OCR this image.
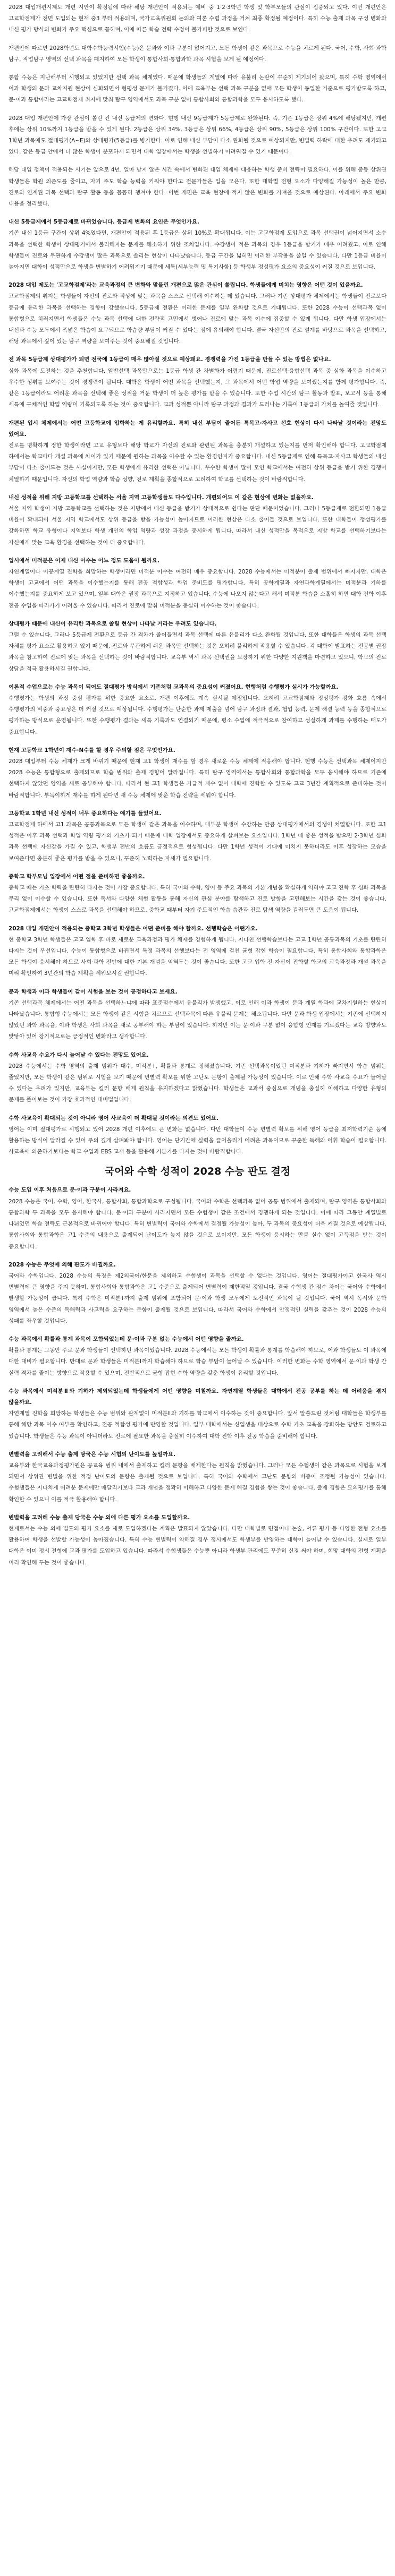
2028 대입개편시제도 개편 시안이 확정됨에 따라 해당 개편안이 적용되는 예비 중 1·2·3학년 학생 및 학부모들의 관심이 집중되고 있다. 이번 개편안은 고교학점제가 전면 도입되는 현재 중3 부터 적용되며, 국가교육위원회 논의와 여론 수렴 과정을 거쳐 최종 확정될 예정이다. 특히 수능 출제 과목 구성 변화와 내신 평가 방식의 변화가 주요 핵심으로 꼽히며, 이에 따른 학습 전략 수정이 불가피할 것으로 보인다.

개편안에 따르면 2028학년도 대학수학능력시험(수능)은 문과와 이과 구분이 없어지고, 모든 학생이 같은 과목으로 수능을 치르게 된다. 국어, 수학, 사회·과학 탐구, 직업탐구 영역의 선택 과목을 폐지하여 모든 학생이 통합사회·통합과학 과목 시험을 보게 될 예정이다.

통합 수능은 지난해부터 시행되고 있었지만 선택 과목 체계였다. 때문에 학생들의 계열에 따라 유불리 논란이 꾸준히 제기되어 왔으며, 특히 수학 영역에서 이과 학생의 문과 교차지원 현상이 심화되면서 형평성 문제가 불거졌다. 이에 교육부는 선택 과목 구분을 없애 모든 학생이 동일한 기준으로 평가받도록 하고, 문·이과 통합이라는 고교학점제 취지에 맞춰 탐구 영역에서도 과목 구분 없이 통합사회와 통합과학을 모두 응시하도록 했다.

2028 대입 개편안에 가장 관심이 쏠린 건 내신 등급제의 변화다. 현행 내신 9등급제가 5등급제로 완화된다. 즉, 기존 1등급은 상위 4%에 해당됐지만, 개편 후에는 상위 10%까지 1등급을 받을 수 있게 된다. 2등급은 상위 34%, 3등급은 상위 66%, 4등급은 상위 90%, 5등급은 상위 100% 구간이다. 또한 고교 1학년 과목에도 절대평가(A~E)와 상대평가(5등급)를 병기한다. 이로 인해 내신 부담이 다소 완화될 것으로 예상되지만, 변별력 하락에 대한 우려도 제기되고 있다. 같은 등급 안에서 더 많은 학생이 분포하게 되면서 대학 입장에서는 학생을 선별하기 어려워질 수 있기 때문이다.

해당 대입 정책이 적용되는 시기는 앞으로 4년. 얼마 남지 않은 시간 속에서 변화된 대입 체제에 대응하는 학생 준비 전략이 필요하다. 이를 위해 중등 상위권 학생들은 학원 의존도를 줄이고, 자기 주도 학습 능력을 키워야 한다고 전문가들은 입을 모은다. 또한 대학별 전형 요소가 다양해질 가능성이 높은 만큼, 진로와 연계된 과목 선택과 탐구 활동 등을 꼼꼼히 챙겨야 한다. 이번 개편은 교육 현장에 적지 않은 변화를 가져올 것으로 예상된다. 아래에서 주요 변화 내용을 정리했다.

내신 5등급제에서 5등급제로 바뀌었습니다. 등급제 변화의 요인은 무엇인가요.
기존 내신 1등급 구간이 상위 4%였다면, 개편안이 적용된 후 1등급은 상위 10%로 확대됩니다. 이는 고교학점제 도입으로 과목 선택권이 넓어지면서 소수 과목을 선택한 학생이 상대평가에서 불리해지는 문제를 해소하기 위한 조치입니다. 수강생이 적은 과목의 경우 1등급을 받기가 매우 어려웠고, 이로 인해 학생들이 진로와 무관하게 수강생이 많은 과목으로 쏠리는 현상이 나타났습니다. 등급 구간을 넓히면 이러한 부작용을 줄일 수 있습니다. 다만 1등급 비율이 높아지면 대학이 성적만으로 학생을 변별하기 어려워지기 때문에 세특(세부능력 및 특기사항) 등 학생부 정성평가 요소의 중요성이 커질 것으로 보입니다.

2028 대입 제도는 '고교학점제'라는 교육과정의 큰 변화와 맞물린 개편으로 많은 관심이 쏠립니다. 학생들에게 미치는 영향은 어떤 것이 있을까요.
고교학점제의 취지는 학생들이 자신의 진로와 적성에 맞는 과목을 스스로 선택해 이수하는 데 있습니다. 그러나 기존 상대평가 체제에서는 학생들이 진로보다 등급에 유리한 과목을 선택하는 경향이 강했습니다. 5등급제 전환은 이러한 문제를 일부 완화할 것으로 기대됩니다. 또한 2028 수능이 선택과목 없이 통합형으로 치러지면서 학생들은 수능 과목 선택에 대한 전략적 고민에서 벗어나 진로에 맞는 과목 이수에 집중할 수 있게 됩니다. 다만 학생 입장에서는 내신과 수능 모두에서 폭넓은 학습이 요구되므로 학습량 부담이 커질 수 있다는 점에 유의해야 합니다. 결국 자신만의 진로 설계를 바탕으로 과목을 선택하고, 해당 과목에서 깊이 있는 탐구 역량을 보여주는 것이 중요해질 것입니다.

전 과목 5등급제 상대평가가 되면 전국에 1등급이 매우 많아질 것으로 예상돼요. 경쟁력을 가진 1등급을 만들 수 있는 방법은 없나요.
심화 과목에 도전하는 것을 추천합니다. 일반선택 과목만으로는 1등급 학생 간 차별화가 어렵기 때문에, 진로선택·융합선택 과목 중 심화 과목을 이수하고 우수한 성취를 보여주는 것이 경쟁력이 됩니다. 대학은 학생이 어떤 과목을 선택했는지, 그 과목에서 어떤 학업 역량을 보여줬는지를 함께 평가합니다. 즉, 같은 1등급이라도 어려운 과목을 선택해 좋은 성적을 거둔 학생이 더 높은 평가를 받을 수 있습니다. 또한 수업 시간의 탐구 활동과 발표, 보고서 등을 통해 세특에 구체적인 학업 역량이 기록되도록 하는 것이 중요합니다. 교과 성적뿐 아니라 탐구 과정과 결과가 드러나는 기록이 1등급의 가치를 높여줄 것입니다.

개편된 입시 체제에서는 어떤 고등학교에 입학하는 게 유리할까요. 특히 내신 부담이 줄어든 특목고·자사고 선호 현상이 다시 나타날 것이라는 전망도 있어요.
진로를 명확하게 정한 학생이라면 고교 유형보다 해당 학교가 자신의 진로와 관련된 과목을 충분히 개설하고 있는지를 먼저 확인해야 합니다. 고교학점제 하에서는 학교마다 개설 과목에 차이가 있기 때문에 원하는 과목을 이수할 수 있는 환경인지가 중요합니다. 내신 5등급제로 인해 특목고·자사고 학생들의 내신 부담이 다소 줄어드는 것은 사실이지만, 모든 학생에게 유리한 선택은 아닙니다. 우수한 학생이 많이 모인 학교에서는 여전히 상위 등급을 받기 위한 경쟁이 치열하기 때문입니다. 자신의 학업 역량과 학습 성향, 진로 계획을 종합적으로 고려하여 학교를 선택하는 것이 바람직합니다.

내신 성적을 위해 지방 고등학교를 선택하는 서울 지역 고등학생들도 다수입니다. 개편되어도 이 같은 현상에 변화는 없을까요.
서울 지역 학생이 지방 고등학교를 선택하는 것은 지방에서 내신 등급을 받기가 상대적으로 쉽다는 판단 때문이었습니다. 그러나 5등급제로 전환되면 1등급 비율이 확대되어 서울 지역 학교에서도 상위 등급을 받을 가능성이 높아지므로 이러한 현상은 다소 줄어들 것으로 보입니다. 또한 대학들이 정성평가를 강화하면 학교 유형이나 지역보다 학생 개인의 학업 역량과 성장 과정을 중시하게 됩니다. 따라서 내신 성적만을 목적으로 지방 학교를 선택하기보다는 자신에게 맞는 교육 환경을 선택하는 것이 더 중요합니다.

입시에서 미적분은 이제 내신 이수는 어느 정도 도움이 될까요.
자연계열이나 이공계열 진학을 희망하는 학생이라면 미적분 이수는 여전히 매우 중요합니다. 2028 수능에서는 미적분이 출제 범위에서 빠지지만, 대학은 학생이 고교에서 어떤 과목을 이수했는지를 통해 전공 적합성과 학업 준비도를 평가합니다. 특히 공학계열과 자연과학계열에서는 미적분과 기하를 이수했는지를 중요하게 보고 있으며, 일부 대학은 권장 과목으로 지정하고 있습니다. 수능에 나오지 않는다고 해서 미적분 학습을 소홀히 하면 대학 진학 이후 전공 수업을 따라가기 어려울 수 있습니다. 따라서 진로에 맞춰 미적분을 충실히 이수하는 것이 좋습니다.

상대평가 때문에 내신이 유리한 과목으로 쏠릴 현상이 나타날 거라는 우려도 있습니다.
그럴 수 있습니다. 그러나 5등급제 전환으로 등급 간 격차가 줄어들면서 과목 선택에 따른 유불리가 다소 완화될 것입니다. 또한 대학들은 학생의 과목 선택 자체를 평가 요소로 활용하고 있기 때문에, 진로와 무관하게 쉬운 과목만 선택하는 것은 오히려 불리하게 작용할 수 있습니다. 각 대학이 발표하는 전공별 권장 과목을 참고하여 진로에 맞는 과목을 선택하는 것이 바람직합니다. 교육부 역시 과목 선택권을 보장하기 위한 다양한 지원책을 마련하고 있으니, 학교의 진로 상담을 적극 활용하시길 권합니다.

이론적 수업으로는 수능 과목이 되어도 절대평가 방식에서 기존처럼 교과목의 중요성이 커졌어요. 현행처럼 수행평가 실시가 가능할까요.
수행평가는 학생의 과정 중심 평가를 위한 중요한 요소로, 개편 이후에도 계속 실시될 예정입니다. 오히려 고교학점제와 정성평가 강화 흐름 속에서 수행평가의 비중과 중요성은 더 커질 것으로 예상됩니다. 수행평가는 단순한 과제 제출을 넘어 탐구 과정과 결과, 협업 능력, 문제 해결 능력 등을 종합적으로 평가하는 방식으로 운영됩니다. 또한 수행평가 결과는 세특 기록과도 연결되기 때문에, 평소 수업에 적극적으로 참여하고 성실하게 과제를 수행하는 태도가 중요합니다.

현재 고등학교 1학년이 재수·N수를 할 경우 주의할 점은 무엇인가요.
2028 대입부터 수능 체제가 크게 바뀌기 때문에 현재 고1 학생이 재수를 할 경우 새로운 수능 체제에 적응해야 합니다. 현행 수능은 선택과목 체제이지만 2028 수능은 통합형으로 출제되므로 학습 범위와 출제 경향이 달라집니다. 특히 탐구 영역에서는 통합사회와 통합과학을 모두 응시해야 하므로 기존에 선택하지 않았던 영역을 새로 공부해야 합니다. 따라서 현 고1 학생들은 가급적 재수 없이 대학에 진학할 수 있도록 고교 3년간 계획적으로 준비하는 것이 바람직합니다. 부득이하게 재수를 하게 된다면 새 수능 체제에 맞춘 학습 전략을 세워야 합니다.

고등학교 1학년 내신 성적이 너무 중요하다는 얘기를 들었어요.
고교학점제 하에서 고1 과목은 공통과목으로 모든 학생이 같은 과목을 이수하며, 대부분 학생이 수강하는 만큼 상대평가에서의 경쟁이 치열합니다. 또한 고1 성적은 이후 과목 선택과 학업 역량 평가의 기초가 되기 때문에 대학 입장에서도 중요하게 살펴보는 요소입니다. 1학년 때 좋은 성적을 받으면 2·3학년 심화 과목 선택에 자신감을 가질 수 있고, 학생부 전반의 흐름도 긍정적으로 형성됩니다. 다만 1학년 성적이 기대에 미치지 못하더라도 이후 성장하는 모습을 보여준다면 충분히 좋은 평가를 받을 수 있으니, 꾸준히 노력하는 자세가 필요합니다.

중학교 학부모님 입장에서 어떤 점을 준비하면 좋을까요.
중학교 때는 기초 학력을 탄탄히 다지는 것이 가장 중요합니다. 특히 국어와 수학, 영어 등 주요 과목의 기본 개념을 확실하게 익혀야 고교 진학 후 심화 과목을 무리 없이 이수할 수 있습니다. 또한 독서와 다양한 체험 활동을 통해 자신의 관심 분야를 탐색하고 진로 방향을 고민해보는 시간을 갖는 것이 좋습니다. 고교학점제에서는 학생이 스스로 과목을 선택해야 하므로, 중학교 때부터 자기 주도적인 학습 습관과 진로 탐색 역량을 길러두면 큰 도움이 됩니다.

2028 대입 개편안이 적용되는 중학교 3학년 학생들은 어떤 준비를 해야 할까요. 선행학습은 어떤가요.
현 중학교 3학년 학생들은 고교 입학 후 바로 새로운 교육과정과 평가 체제를 경험하게 됩니다. 지나친 선행학습보다는 고교 1학년 공통과목의 기초를 탄탄히 다지는 것이 우선입니다. 수능이 통합형으로 바뀌면서 특정 과목의 선행보다는 전 영역에 걸친 균형 잡힌 학습이 필요합니다. 특히 통합사회와 통합과학은 모든 학생이 응시해야 하므로 사회·과학 전반에 대한 기본 개념을 익혀두는 것이 좋습니다. 또한 고교 입학 전 자신이 진학할 학교의 교육과정과 개설 과목을 미리 확인하여 3년간의 학습 계획을 세워보시길 권합니다.

문과 학생과 이과 학생들이 같이 시험을 보는 것이 공정하다고 보세요.
기존 선택과목 체제에서는 어떤 과목을 선택하느냐에 따라 표준점수에서 유불리가 발생했고, 이로 인해 이과 학생이 문과 계열 학과에 교차지원하는 현상이 나타났습니다. 통합형 수능에서는 모든 학생이 같은 시험을 치르므로 선택과목에 따른 유불리 문제는 해소됩니다. 다만 문과 학생 입장에서는 기존에 선택하지 않았던 과학 과목을, 이과 학생은 사회 과목을 새로 공부해야 하는 부담이 있습니다. 하지만 이는 문·이과 구분 없이 융합형 인재를 기르겠다는 교육 방향과도 맞닿아 있어 장기적으로는 긍정적인 변화라고 생각합니다.

수학 사교육 수요가 다시 늘어날 수 있다는 전망도 있어요.
2028 수능에서는 수학 영역의 출제 범위가 대수, 미적분Ⅰ, 확률과 통계로 정해졌습니다. 기존 선택과목이었던 미적분과 기하가 빠지면서 학습 범위는 줄었지만, 모든 학생이 같은 범위로 시험을 보기 때문에 변별력 확보를 위한 고난도 문항이 출제될 가능성이 있습니다. 이로 인해 수학 사교육 수요가 늘어날 수 있다는 우려가 있지만, 교육부는 킬러 문항 배제 원칙을 유지하겠다고 밝혔습니다. 학생들은 교과서 중심으로 개념을 충실히 이해하고 다양한 유형의 문제를 풀어보는 것이 가장 효과적인 대비법입니다.

수학 사교육이 확대되는 것이 아니라 영어 사교육이 더 확대될 것이라는 의견도 있어요.
영어는 이미 절대평가로 시행되고 있어 2028 개편 이후에도 큰 변화는 없습니다. 다만 대학들이 수능 변별력 확보를 위해 영어 등급을 최저학력기준 등에 활용하는 방식이 달라질 수 있어 주의 깊게 살펴봐야 합니다. 영어는 단기간에 실력을 끌어올리기 어려운 과목이므로 꾸준한 독해와 어휘 학습이 필요합니다. 사교육에 의존하기보다는 학교 수업과 EBS 교재 등을 활용해 기본기를 다지는 것이 바람직합니다.

국어와 수학 성적이 2028 수능 판도 결정

수능 도입 이후 처음으로 문·이과 구분이 사라져요.
2028 수능은 국어, 수학, 영어, 한국사, 통합사회, 통합과학으로 구성됩니다. 국어와 수학은 선택과목 없이 공통 범위에서 출제되며, 탐구 영역은 통합사회와 통합과학 두 과목을 모두 응시해야 합니다. 문·이과 구분이 사라지면서 모든 수험생이 같은 조건에서 경쟁하게 되는 것입니다. 이에 따라 그동안 계열별로 나뉘었던 학습 전략도 근본적으로 바뀌어야 합니다. 특히 변별력이 국어와 수학에서 결정될 가능성이 높아, 두 과목의 중요성이 더욱 커질 것으로 예상됩니다. 통합사회와 통합과학은 고1 수준의 내용으로 출제되어 난이도가 높지 않을 것으로 보이지만, 모든 학생이 응시하는 만큼 실수 없이 고득점을 받는 것이 중요합니다.

2028 수능은 무엇에 의해 판도가 바뀔까요.
국어와 수학입니다. 2028 수능의 특징은 제2외국어/한문을 제외하고 수험생이 과목을 선택할 수 없다는 것입니다. 영어는 절대평가이고 한국사 역시 변별력에 큰 영향을 주지 못하며, 통합사회와 통합과학은 고1 수준으로 출제되어 변별력이 제한적일 것입니다. 결국 수험생 간 점수 차이는 국어와 수학에서 발생할 가능성이 큽니다. 특히 수학은 미적분Ⅰ까지 출제 범위에 포함되어 문·이과 학생 모두에게 도전적인 과목이 될 것입니다. 국어 역시 독서와 문학 영역에서 높은 수준의 독해력과 사고력을 요구하는 문항이 출제될 것으로 보입니다. 따라서 국어와 수학에서 안정적인 실력을 갖추는 것이 2028 수능의 성패를 좌우할 것입니다.

수능 과목에서 확률과 통계 과목이 포함되었는데 문·이과 구분 없는 수능에서 어떤 영향을 줄까요.
확률과 통계는 그동안 주로 문과 학생들이 선택하던 과목이었습니다. 2028 수능에서는 모든 학생이 확률과 통계를 학습해야 하므로, 이과 학생들도 이 과목에 대한 대비가 필요합니다. 반대로 문과 학생들은 미적분Ⅰ까지 학습해야 하므로 학습 부담이 늘어날 수 있습니다. 이러한 변화는 수학 영역에서 문·이과 학생 간 실력 격차를 줄이는 방향으로 작용할 수 있으며, 전반적으로 균형 잡힌 수학 역량을 갖춘 학생이 유리할 것입니다.

수능 과목에서 미적분Ⅱ와 기하가 제외되었는데 학생들에게 어떤 영향을 미칠까요. 자연계열 학생들은 대학에서 전공 공부를 하는 데 어려움을 겪지 않을까요.
자연계열 진학을 희망하는 학생들은 수능 범위와 관계없이 미적분Ⅱ와 기하를 학교에서 이수하는 것이 중요합니다. 앞서 말씀드린 것처럼 대학들은 학생부를 통해 해당 과목 이수 여부를 확인하고, 전공 적합성 평가에 반영할 것입니다. 일부 대학에서는 신입생을 대상으로 수학 기초 교육을 강화하는 방안도 검토하고 있습니다. 학생들은 수능 과목이 아니더라도 진로에 필요한 과목을 충실히 이수하여 대학 진학 이후 전공 학습을 준비해야 합니다.

변별력을 고려해서 수능 출제 당국은 수능 시험의 난이도를 높일까요.
교육부와 한국교육과정평가원은 공교육 범위 내에서 출제하고 킬러 문항을 배제한다는 원칙을 밝혔습니다. 그러나 모든 수험생이 같은 과목으로 시험을 보게 되면서 상위권 변별을 위한 적정 난이도의 문항은 출제될 것으로 보입니다. 특히 국어와 수학에서 고난도 문항의 비중이 조정될 가능성이 있습니다. 수험생들은 지나치게 어려운 문제에만 매달리기보다 교과 개념을 정확히 이해하고 다양한 문제 해결 경험을 쌓는 것이 좋습니다. 출제 경향은 모의평가를 통해 확인할 수 있으니 이를 적극 활용해야 합니다.

변별력을 고려해 수능 출제 당국은 수능 외에 다른 평가 요소를 도입할까요.
현재로서는 수능 외에 별도의 평가 요소를 새로 도입하겠다는 계획은 발표되지 않았습니다. 다만 대학별로 면접이나 논술, 서류 평가 등 다양한 전형 요소를 활용하여 학생을 선발할 가능성이 높아졌습니다. 특히 수능 변별력이 약해질 경우 정시에서도 학생부를 반영하는 대학이 늘어날 수 있습니다. 실제로 일부 대학은 이미 정시 전형에 교과 평가를 도입하고 있습니다. 따라서 수험생들은 수능뿐 아니라 학생부 관리에도 꾸준히 신경 써야 하며, 희망 대학의 전형 계획을 미리 확인해 두는 것이 좋습니다.
